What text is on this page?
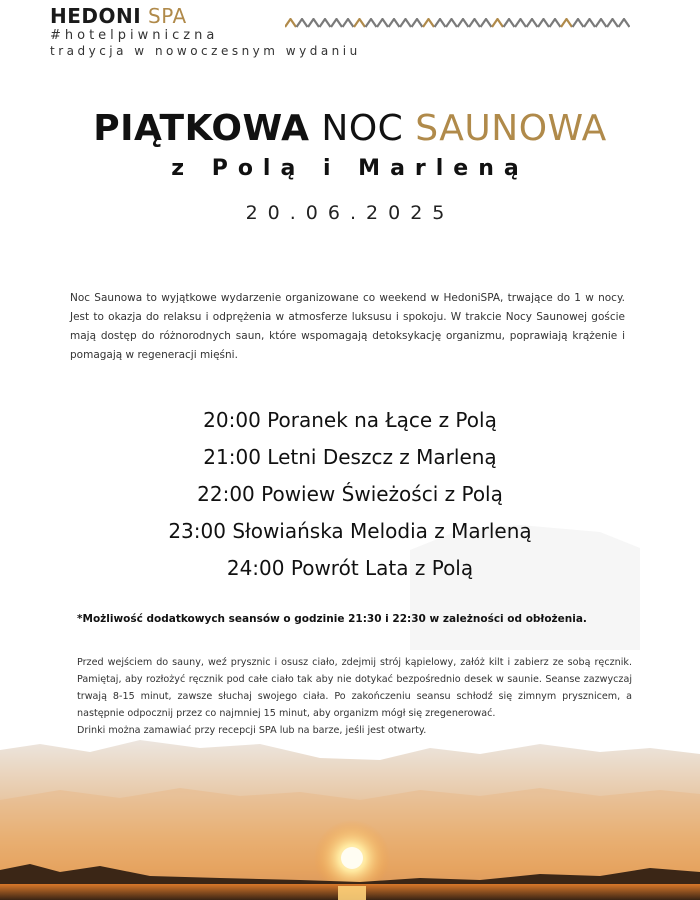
HEDONI SPA
#hotelpiwniczna
tradycja w nowoczesnym wydaniu
PIĄTKOWA NOC SAUNOWA
z Polą i Marleną
20.06.2025
Noc Saunowa to wyjątkowe wydarzenie organizowane co weekend w HedoniSPA, trwające do 1 w nocy. Jest to okazja do relaksu i odprężenia w atmosferze luksusu i spokoju. W trakcie Nocy Saunowej goście mają dostęp do różnorodnych saun, które wspomagają detoksykację organizmu, poprawiają krążenie i pomagają w regeneracji mięśni.
20:00 Poranek na Łące z Polą
21:00 Letni Deszcz z Marleną
22:00 Powiew Świeżości z Polą
23:00 Słowiańska Melodia z Marleną
24:00 Powrót Lata z Polą
*Możliwość dodatkowych seansów o godzinie 21:30 i 22:30 w zależności od obłożenia.
Przed wejściem do sauny, weź prysznic i osusz ciało, zdejmij strój kąpielowy, załóż kilt i zabierz ze sobą ręcznik. Pamiętaj, aby rozłożyć ręcznik pod całe ciało tak aby nie dotykać bezpośrednio desek w saunie. Seanse zazwyczaj trwają 8-15 minut, zawsze słuchaj swojego ciała. Po zakończeniu seansu schłodź się zimnym prysznicem, a następnie odpocznij przez co najmniej 15 minut, aby organizm mógł się zregenerować.
Drinki można zamawiać przy recepcji SPA lub na barze, jeśli jest otwarty.
